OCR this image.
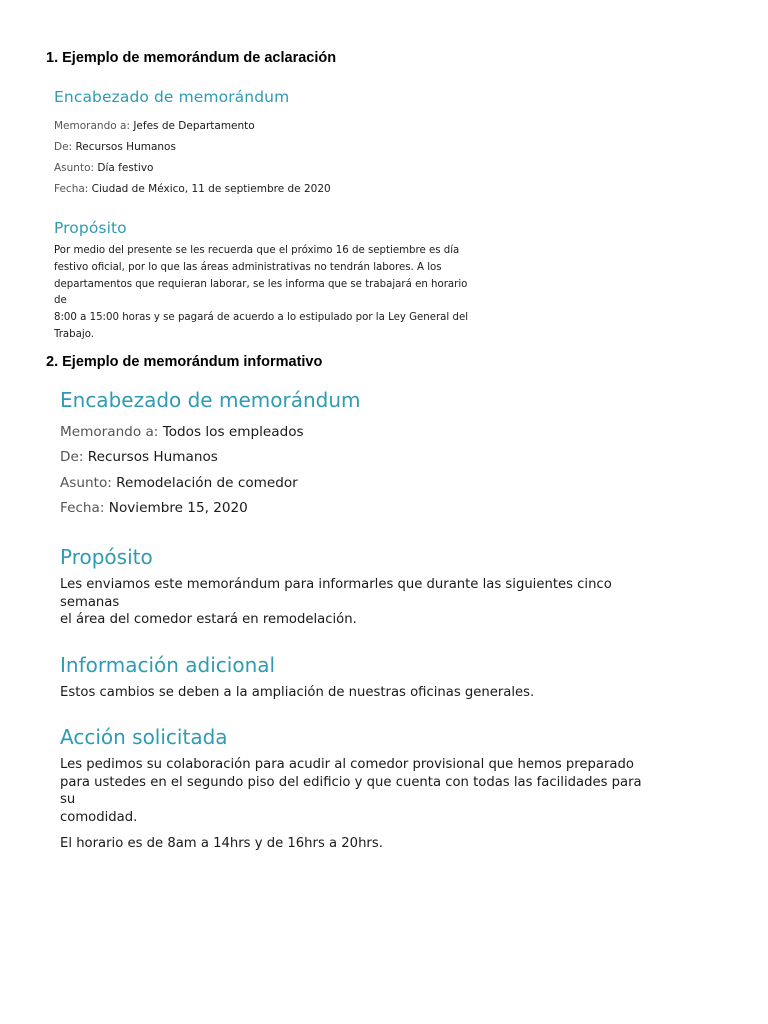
1. Ejemplo de memorándum de aclaración
Encabezado de memorándum

Memorando a: Jefes de Departamento

De: Recursos Humanos

Asunto: Día festivo

Fecha: Ciudad de México, 11 de septiembre de 2020

Propósito

Por medio del presente se les recuerda que el próximo 16 de septiembre es día

festivo oficial, por lo que las áreas administrativas no tendrán labores. A los

departamentos que requieran laborar, se les informa que se trabajará en horario de

8:00 a 15:00 horas y se pagará de acuerdo a lo estipulado por la Ley General del

Trabajo.

2. Ejemplo de memorándum informativo
Encabezado de memorándum

Memorando a: Todos los empleados

De: Recursos Humanos

Asunto: Remodelación de comedor

Fecha: Noviembre 15, 2020

Propósito

Les enviamos este memorándum para informarles que durante las siguientes cinco semanas

el área del comedor estará en remodelación.

Información adicional

Estos cambios se deben a la ampliación de nuestras oficinas generales.

Acción solicitada

Les pedimos su colaboración para acudir al comedor provisional que hemos preparado

para ustedes en el segundo piso del edificio y que cuenta con todas las facilidades para su

comodidad.

El horario es de 8am a 14hrs y de 16hrs a 20hrs.
